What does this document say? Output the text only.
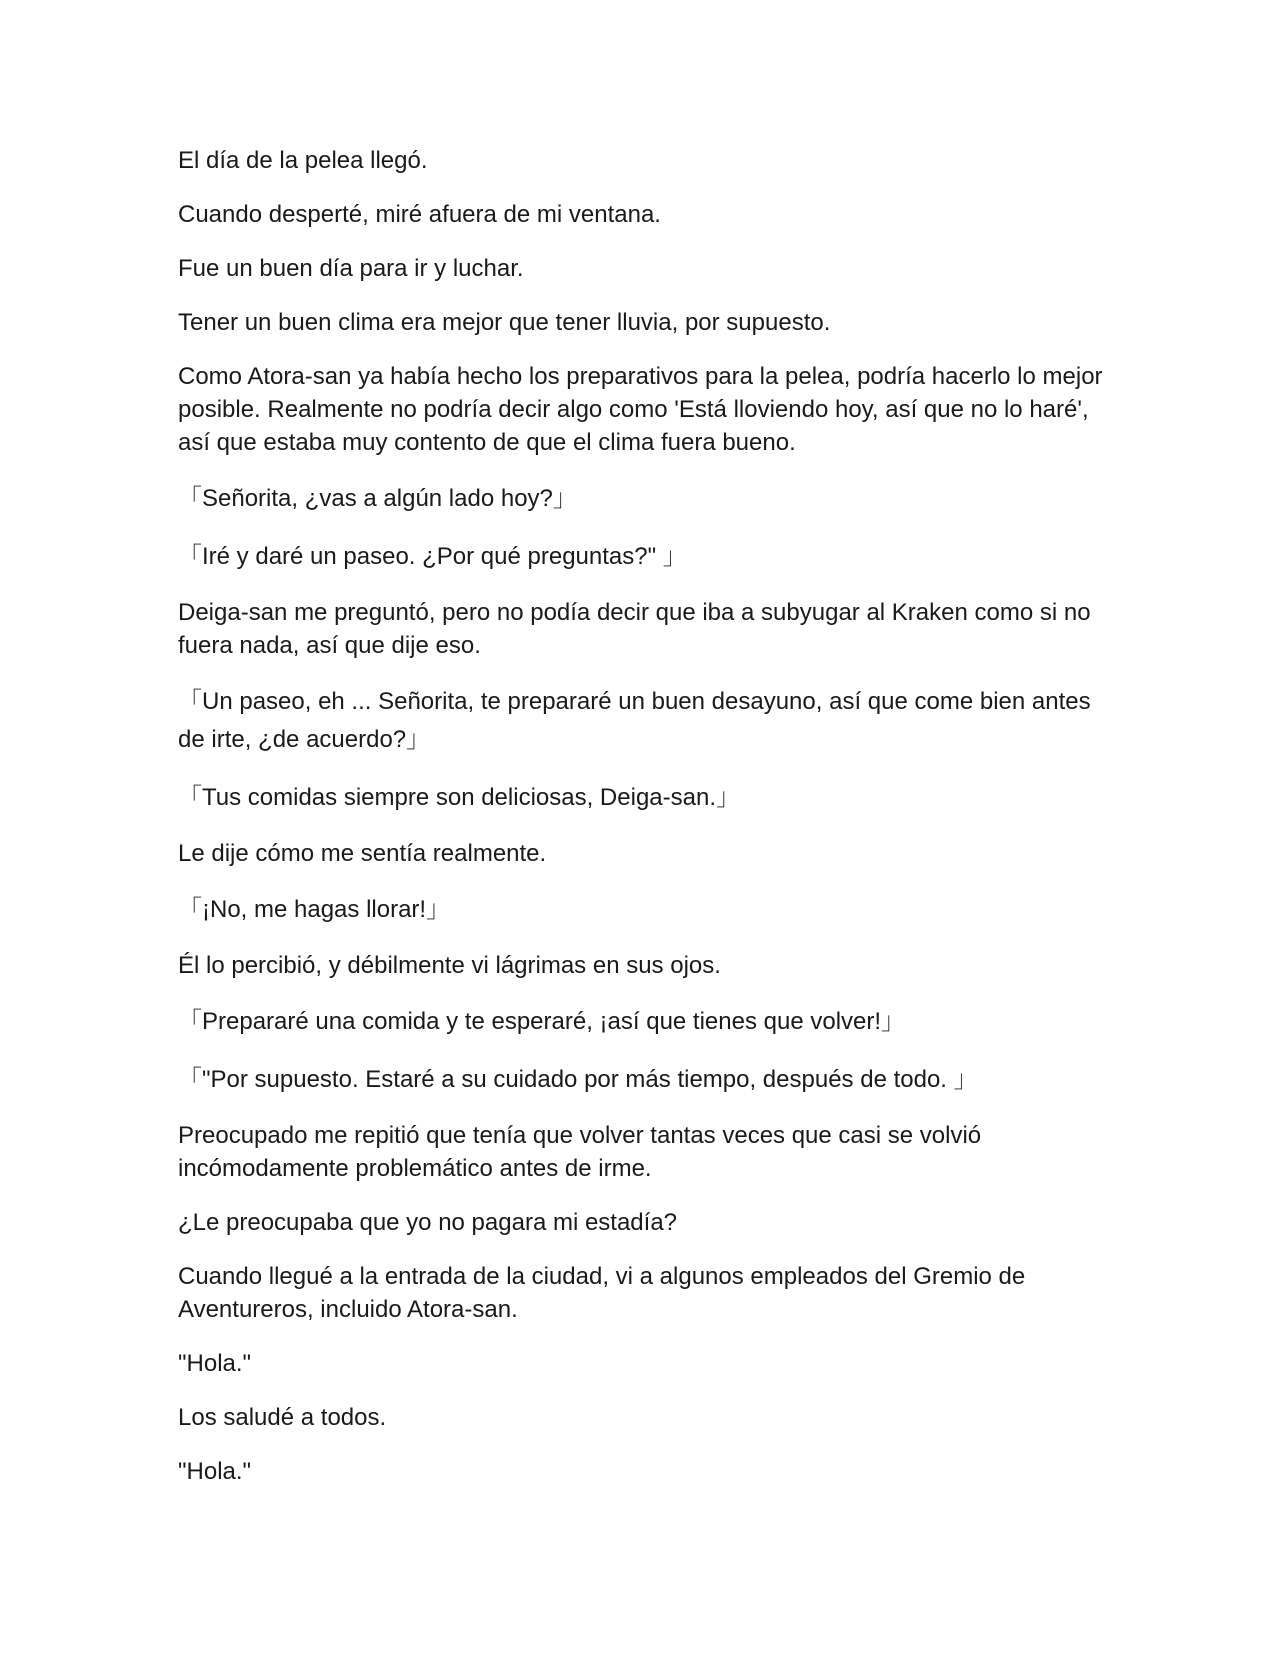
El día de la pelea llegó.

Cuando desperté, miré afuera de mi ventana.

Fue un buen día para ir y luchar.

Tener un buen clima era mejor que tener lluvia, por supuesto.

Como Atora-san ya había hecho los preparativos para la pelea, podría hacerlo lo mejor posible. Realmente no podría decir algo como 'Está lloviendo hoy, así que no lo haré', así que estaba muy contento de que el clima fuera bueno.

「Señorita, ¿vas a algún lado hoy?」

「Iré y daré un paseo. ¿Por qué preguntas?" 」

Deiga-san me preguntó, pero no podía decir que iba a subyugar al Kraken como si no fuera nada, así que dije eso.

「Un paseo, eh ... Señorita, te prepararé un buen desayuno, así que come bien antes de irte, ¿de acuerdo?」

「Tus comidas siempre son deliciosas, Deiga-san.」

Le dije cómo me sentía realmente.

「¡No, me hagas llorar!」

Él lo percibió, y débilmente vi lágrimas en sus ojos.

「Prepararé una comida y te esperaré, ¡así que tienes que volver!」

「"Por supuesto. Estaré a su cuidado por más tiempo, después de todo. 」

Preocupado me repitió que tenía que volver tantas veces que casi se volvió incómodamente problemático antes de irme.

¿Le preocupaba que yo no pagara mi estadía?

Cuando llegué a la entrada de la ciudad, vi a algunos empleados del Gremio de Aventureros, incluido Atora-san.

"Hola."

Los saludé a todos.

"Hola."
